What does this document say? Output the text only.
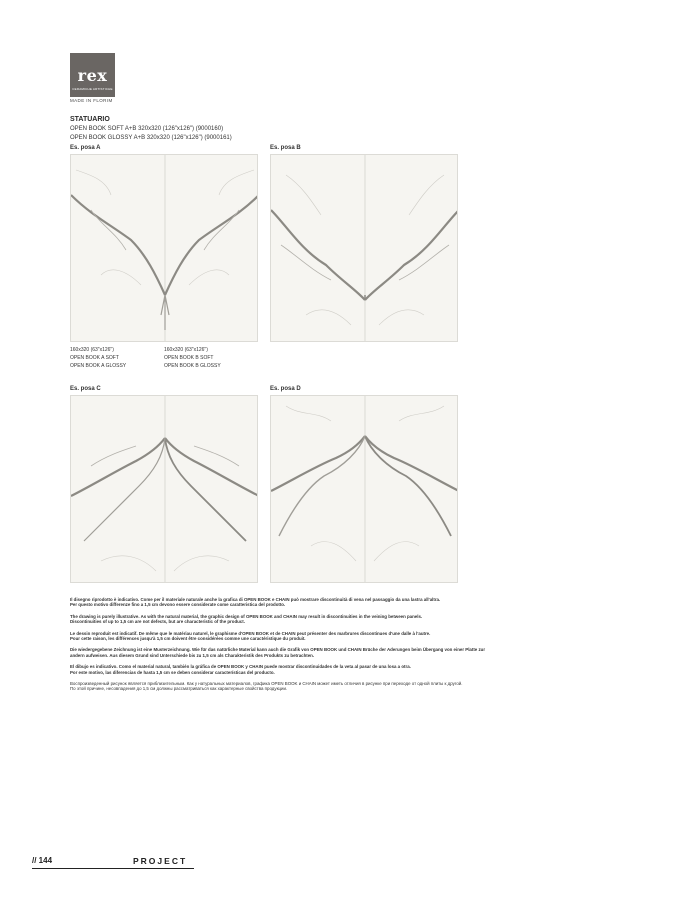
rex
CERAMICHE ARTISTICHE
MADE IN FLORIM
STATUARIO
OPEN BOOK SOFT A+B 320x320 (126"x126") (9000160)
OPEN BOOK GLOSSY A+B 320x320 (126"x126") (9000161)
Es. posa A
160x320 (63"x126")
OPEN BOOK A SOFT
OPEN BOOK A GLOSSY
160x320 (63"x126")
OPEN BOOK B SOFT
OPEN BOOK B GLOSSY
Es. posa B
Es. posa C	Es. posa D

Il disegno riprodotto è indicativo. Come per il materiale naturale anche la grafica di OPEN BOOK e CHAIN può mostrare discontinuità di vena nel passaggio da una lastra all'altra.
Per questo motivo differenze fino a 1,5 cm devono essere considerate come caratteristica del prodotto.

The drawing is purely illustrative. As with the natural material, the graphic design of OPEN BOOK and CHAIN may result in discontinuities in the veining between panels.
Discontinuities of up to 1,5 cm are not defects, but are characteristic of the product.

Le dessin reproduit est indicatif. De même que le matériau naturel, le graphisme d'OPEN BOOK et de CHAIN peut présenter des marbrures discontinues d'une dalle à l'autre.
Pour cette raison, les différences jusqu'à 1,5 cm doivent être considérées comme une caractéristique du produit.

Die wiedergegebene Zeichnung ist eine Musterzeichnung. Wie für das natürliche Material kann auch die Grafik von OPEN BOOK und CHAIN Brüche der Aderungen beim Übergang von einer Platte zur
andern aufweisen. Aus diesem Grund sind Unterschiede bis zu 1,5 cm als Charakteristik des Produkts zu betrachten.

El dibujo es indicativo. Como el material natural, también la gráfica de OPEN BOOK y CHAIN puede mostrar discontinuidades de la veta al pasar de una losa a otra.
Por este motivo, las diferencias de hasta 1,5 cm se deben considerar características del producto.

Воспроизведенный рисунок является приблизительным. Как у натуральных материалов, графика OPEN BOOK и CHAIN может иметь отличия в рисунке при переходе от одной плиты к другой.
По этой причине, несовпадения до 1,5 см должны рассматриваться как характерные свойства продукции.

// 144	PROJECT
